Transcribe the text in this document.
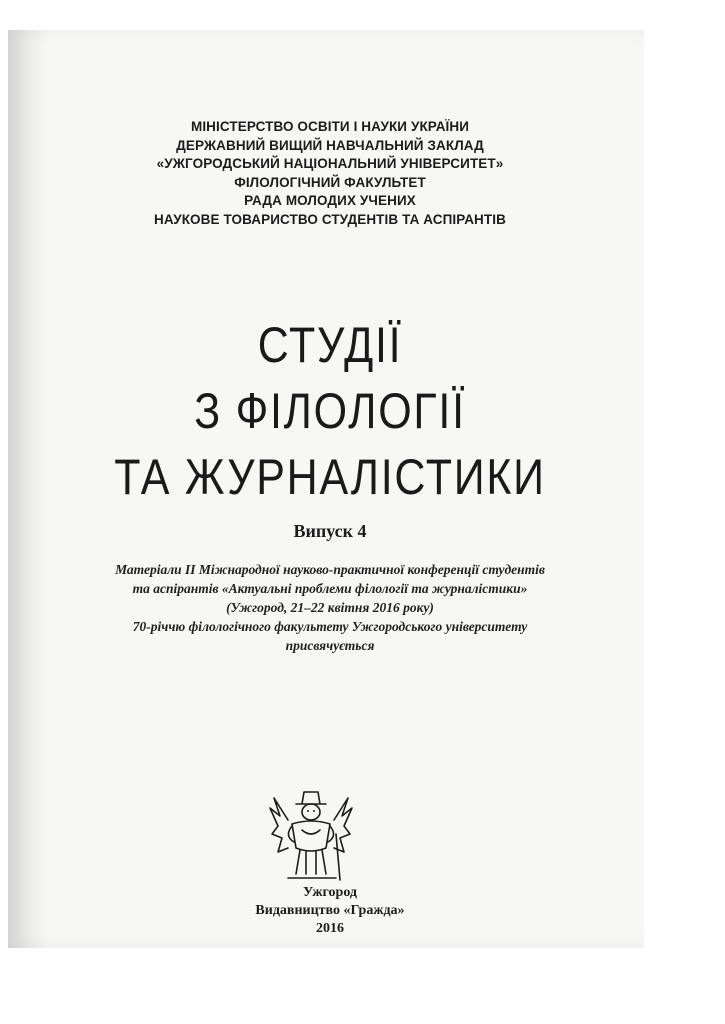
МІНІСТЕРСТВО ОСВІТИ І НАУКИ УКРАЇНИ
ДЕРЖАВНИЙ ВИЩИЙ НАВЧАЛЬНИЙ ЗАКЛАД
«УЖГОРОДСЬКИЙ НАЦІОНАЛЬНИЙ УНІВЕРСИТЕТ»
ФІЛОЛОГІЧНИЙ ФАКУЛЬТЕТ
РАДА МОЛОДИХ УЧЕНИХ
НАУКОВЕ ТОВАРИСТВО СТУДЕНТІВ ТА АСПІРАНТІВ
СТУДІЇ
З ФІЛОЛОГІЇ
ТА ЖУРНАЛІСТИКИ
Випуск 4
Матеріали ІІ Міжнародної науково-практичної конференції студентів
та аспірантів «Актуальні проблеми філології та журналістики»
(Ужгород, 21–22 квітня 2016 року)
70-річчю філологічного факультету Ужгородського університету
присвячується
Ужгород
Видавництво «Гражда»
2016
